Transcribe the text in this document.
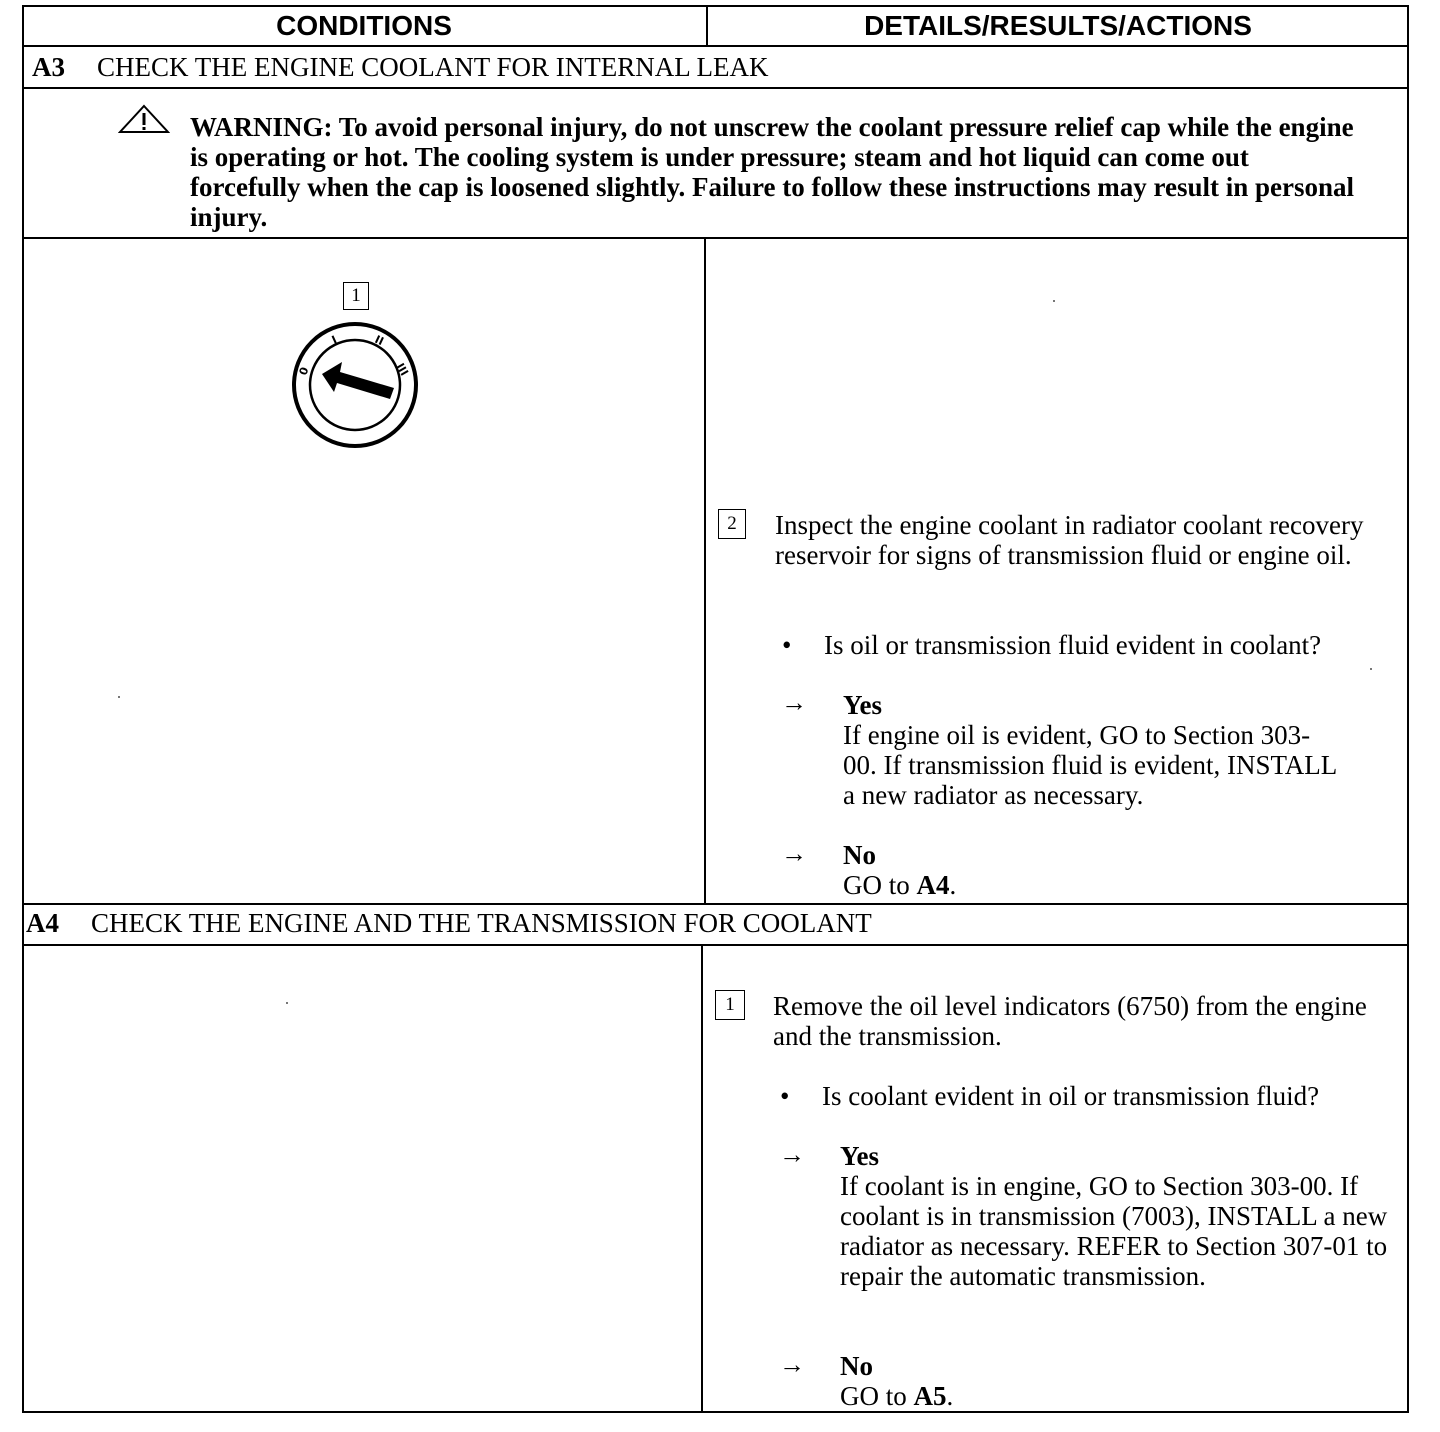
CONDITIONS	DETAILS/RESULTS/ACTIONS
A3 CHECK THE ENGINE COOLANT FOR INTERNAL LEAK
WARNING: To avoid personal injury, do not unscrew the coolant pressure relief cap while the engine is operating or hot. The cooling system is under pressure; steam and hot liquid can come out forcefully when the cap is loosened slightly. Failure to follow these instructions may result in personal injury.
1
0
I	II
III
2	Inspect the engine coolant in radiator coolant recovery reservoir for signs of transmission fluid or engine oil.
• Is oil or transmission fluid evident in coolant?
→ Yes
If engine oil is evident, GO to Section 303-00. If transmission fluid is evident, INSTALL a new radiator as necessary.
→ No
GO to A4.
A4 CHECK THE ENGINE AND THE TRANSMISSION FOR COOLANT
1	Remove the oil level indicators (6750) from the engine and the transmission.
• Is coolant evident in oil or transmission fluid?
→ Yes
If coolant is in engine, GO to Section 303-00. If coolant is in transmission (7003), INSTALL a new radiator as necessary. REFER to Section 307-01 to repair the automatic transmission.
→ No
GO to A5.
